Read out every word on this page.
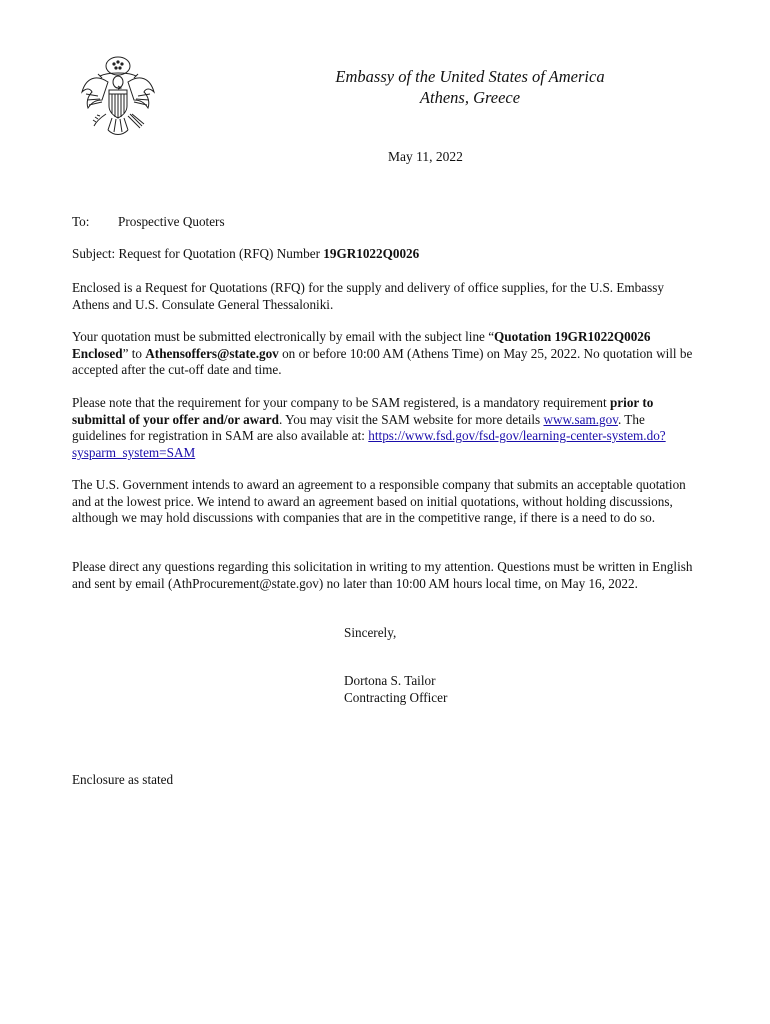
Embassy of the United States of America
Athens, Greece
May 11, 2022
To: Prospective Quoters

Subject: Request for Quotation (RFQ) Number 19GR1022Q0026

Enclosed is a Request for Quotations (RFQ) for the supply and delivery of office supplies, for the U.S. Embassy Athens and U.S. Consulate General Thessaloniki.

Your quotation must be submitted electronically by email with the subject line “Quotation 19GR1022Q0026 Enclosed” to Athensoffers@state.gov on or before 10:00 AM (Athens Time) on May 25, 2022. No quotation will be accepted after the cut-off date and time.

Please note that the requirement for your company to be SAM registered, is a mandatory requirement prior to submittal of your offer and/or award. You may visit the SAM website for more details www.sam.gov. The guidelines for registration in SAM are also available at: https://www.fsd.gov/fsd-gov/learning-center-system.do?sysparm_system=SAM

The U.S. Government intends to award an agreement to a responsible company that submits an acceptable quotation and at the lowest price. We intend to award an agreement based on initial quotations, without holding discussions, although we may hold discussions with companies that are in the competitive range, if there is a need to do so.

Please direct any questions regarding this solicitation in writing to my attention. Questions must be written in English and sent by email (AthProcurement@state.gov) no later than 10:00 AM hours local time, on May 16, 2022.

Sincerely,
Dortona S. Tailor
Contracting Officer
Enclosure as stated
